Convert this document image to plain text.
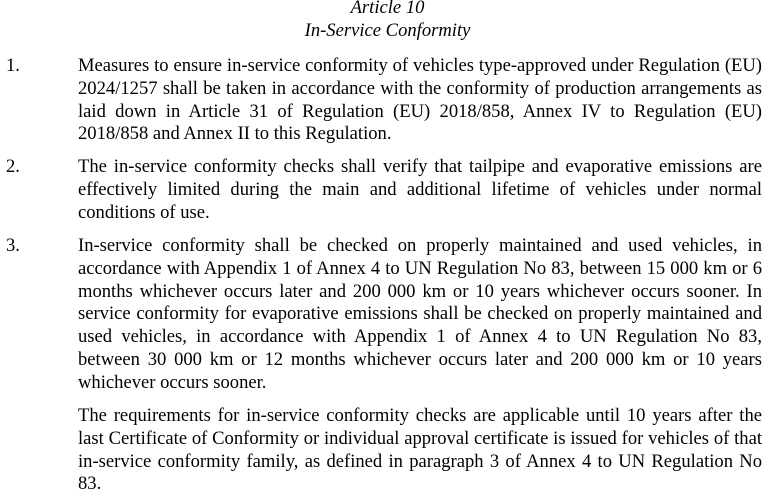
Article 10
In-Service Conformity
1.	Measures to ensure in-service conformity of vehicles type-approved under Regulation (EU) 2024/1257 shall be taken in accordance with the conformity of production arrangements as laid down in Article 31 of Regulation (EU) 2018/858, Annex IV to Regulation (EU) 2018/858 and Annex II to this Regulation.
2.	The in-service conformity checks shall verify that tailpipe and evaporative emissions are effectively limited during the main and additional lifetime of vehicles under normal conditions of use.
3.	In-service conformity shall be checked on properly maintained and used vehicles, in accordance with Appendix 1 of Annex 4 to UN Regulation No 83, between 15 000 km or 6 months whichever occurs later and 200 000 km or 10 years whichever occurs sooner. In service conformity for evaporative emissions shall be checked on properly maintained and used vehicles, in accordance with Appendix 1 of Annex 4 to UN Regulation No 83, between 30 000 km or 12 months whichever occurs later and 200 000 km or 10 years whichever occurs sooner.
The requirements for in-service conformity checks are applicable until 10 years after the last Certificate of Conformity or individual approval certificate is issued for vehicles of that in-service conformity family, as defined in paragraph 3 of Annex 4 to UN Regulation No 83.
